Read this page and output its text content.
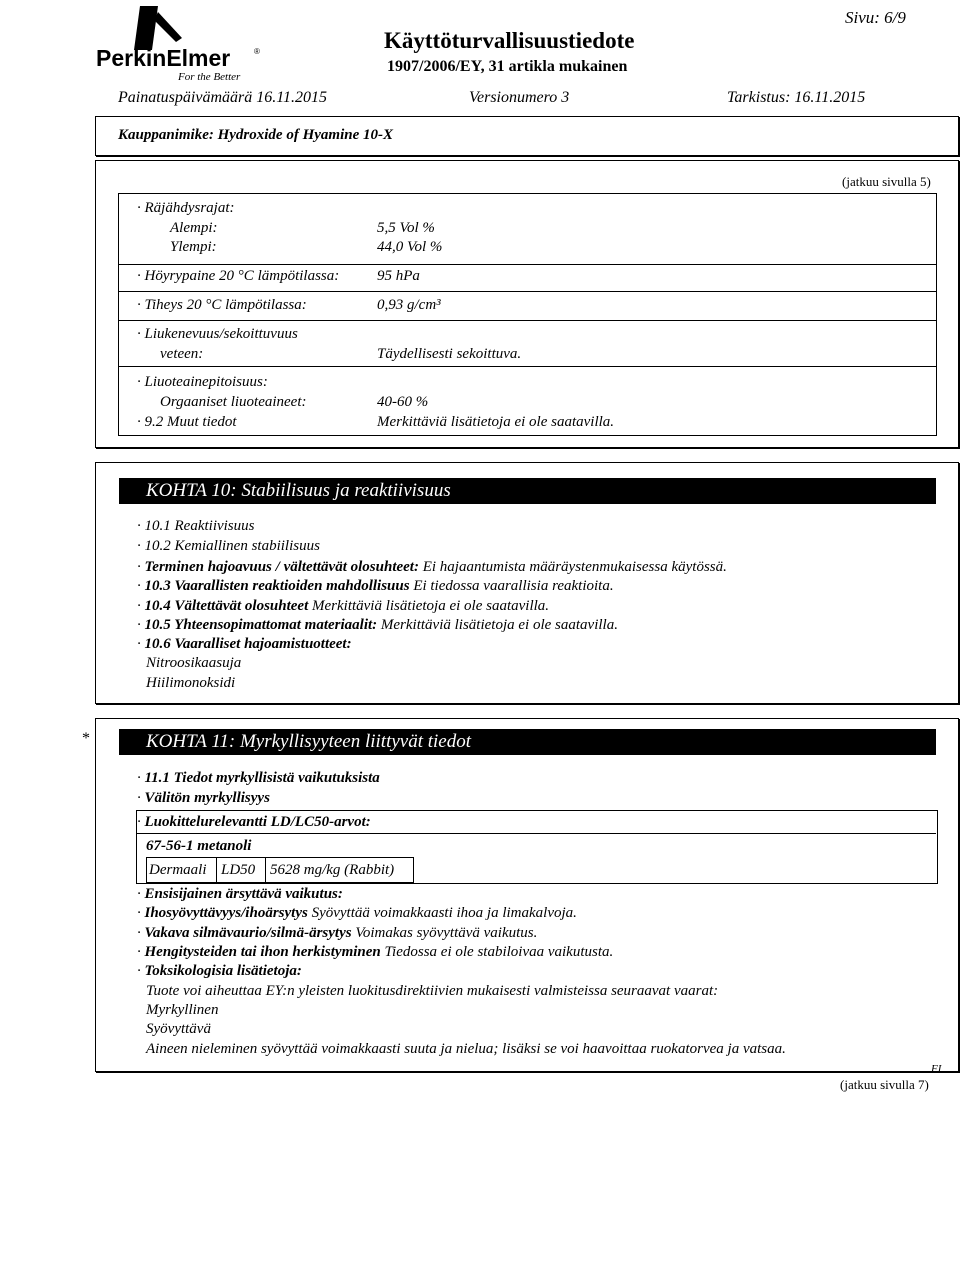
PerkinElmer	®
For the Better
Käyttöturvallisuustiedote
1907/2006/EY, 31 artikla mukainen
Sivu: 6/9
Painatuspäivämäärä 16.11.2015	Versionumero 3	Tarkistus: 16.11.2015
Kauppanimike: Hydroxide of Hyamine 10-X
(jatkuu sivulla 5)
· Räjähdysrajat:
Alempi:	5,5 Vol %
Ylempi:	44,0 Vol %
· Höyrypaine 20 °C lämpötilassa:	95 hPa
· Tiheys 20 °C lämpötilassa:	0,93 g/cm³
· Liukenevuus/sekoittuvuus
veteen:	Täydellisesti sekoittuva.
· Liuoteainepitoisuus:
Orgaaniset liuoteaineet:	40-60 %
· 9.2 Muut tiedot	Merkittäviä lisätietoja ei ole saatavilla.
KOHTA 10: Stabiilisuus ja reaktiivisuus
· 10.1 Reaktiivisuus
· 10.2 Kemiallinen stabiilisuus
· Terminen hajoavuus / vältettävät olosuhteet: Ei hajaantumista määräystenmukaisessa käytössä.
· 10.3 Vaarallisten reaktioiden mahdollisuus Ei tiedossa vaarallisia reaktioita.
· 10.4 Vältettävät olosuhteet Merkittäviä lisätietoja ei ole saatavilla.
· 10.5 Yhteensopimattomat materiaalit: Merkittäviä lisätietoja ei ole saatavilla.
· 10.6 Vaaralliset hajoamistuotteet:
Nitroosikaasuja
Hiilimonoksidi
*	KOHTA 11: Myrkyllisyyteen liittyvät tiedot
· 11.1 Tiedot myrkyllisistä vaikutuksista
· Välitön myrkyllisyys
· Luokittelurelevantti LD/LC50-arvot:
67-56-1 metanoli
Dermaali LD50 5628 mg/kg (Rabbit)
· Ensisijainen ärsyttävä vaikutus:
· Ihosyövyttävyys/ihoärsytys Syövyttää voimakkaasti ihoa ja limakalvoja.
· Vakava silmävaurio/silmä-ärsytys Voimakas syövyttävä vaikutus.
· Hengitysteiden tai ihon herkistyminen Tiedossa ei ole stabiloivaa vaikutusta.
· Toksikologisia lisätietoja:
Tuote voi aiheuttaa EY:n yleisten luokitusdirektiivien mukaisesti valmisteissa seuraavat vaarat:
Myrkyllinen
Syövyttävä
Aineen nieleminen syövyttää voimakkaasti suuta ja nielua; lisäksi se voi haavoittaa ruokatorvea ja vatsaa.
FI
(jatkuu sivulla 7)
